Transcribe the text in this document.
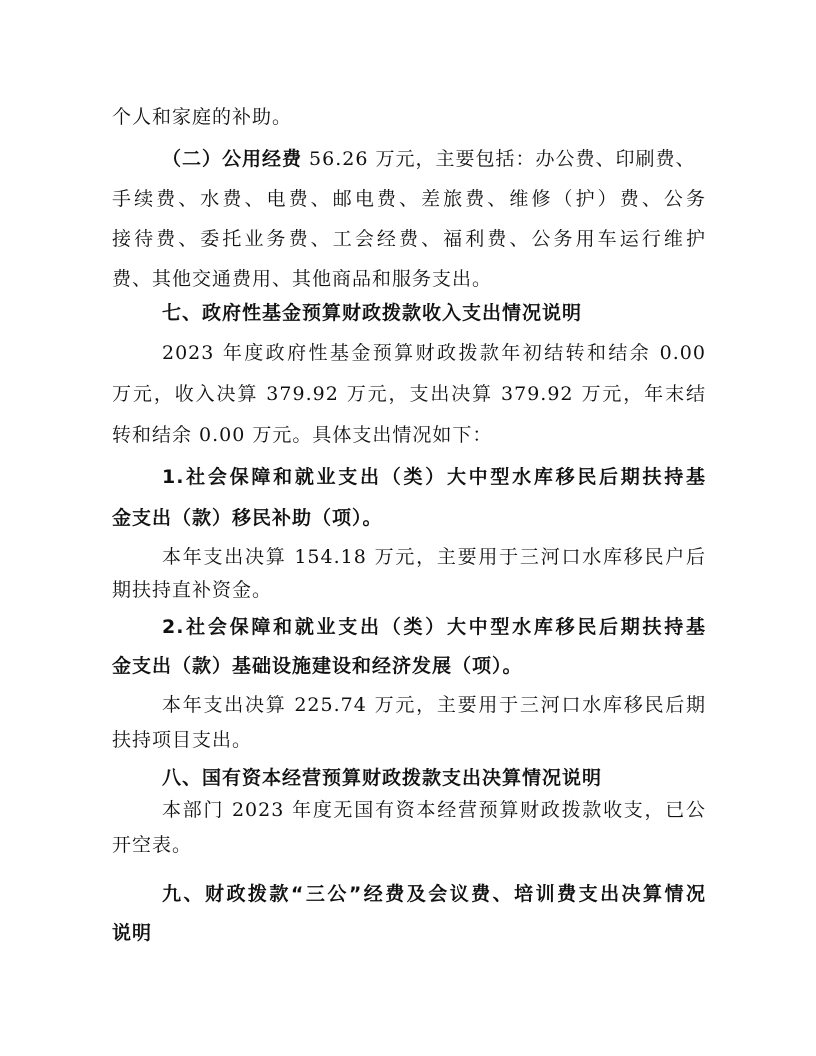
个人和家庭的补助。
（二）公用经费 56.26 万元，主要包括：办公费、印刷费、
手续费、水费、电费、邮电费、差旅费、维修（护）费、公务
接待费、委托业务费、工会经费、福利费、公务用车运行维护
费、其他交通费用、其他商品和服务支出。
七、政府性基金预算财政拨款收入支出情况说明
2023 年度政府性基金预算财政拨款年初结转和结余 0.00
万元，收入决算 379.92 万元，支出决算 379.92 万元，年末结
转和结余 0.00 万元。具体支出情况如下：
1.社会保障和就业支出（类）大中型水库移民后期扶持基
金支出（款）移民补助（项）。
本年支出决算 154.18 万元，主要用于三河口水库移民户后
期扶持直补资金。
2.社会保障和就业支出（类）大中型水库移民后期扶持基
金支出（款）基础设施建设和经济发展（项）。
本年支出决算 225.74 万元，主要用于三河口水库移民后期
扶持项目支出。
八、国有资本经营预算财政拨款支出决算情况说明
本部门 2023 年度无国有资本经营预算财政拨款收支，已公
开空表。
九、财政拨款“三公”经费及会议费、培训费支出决算情况
说明
